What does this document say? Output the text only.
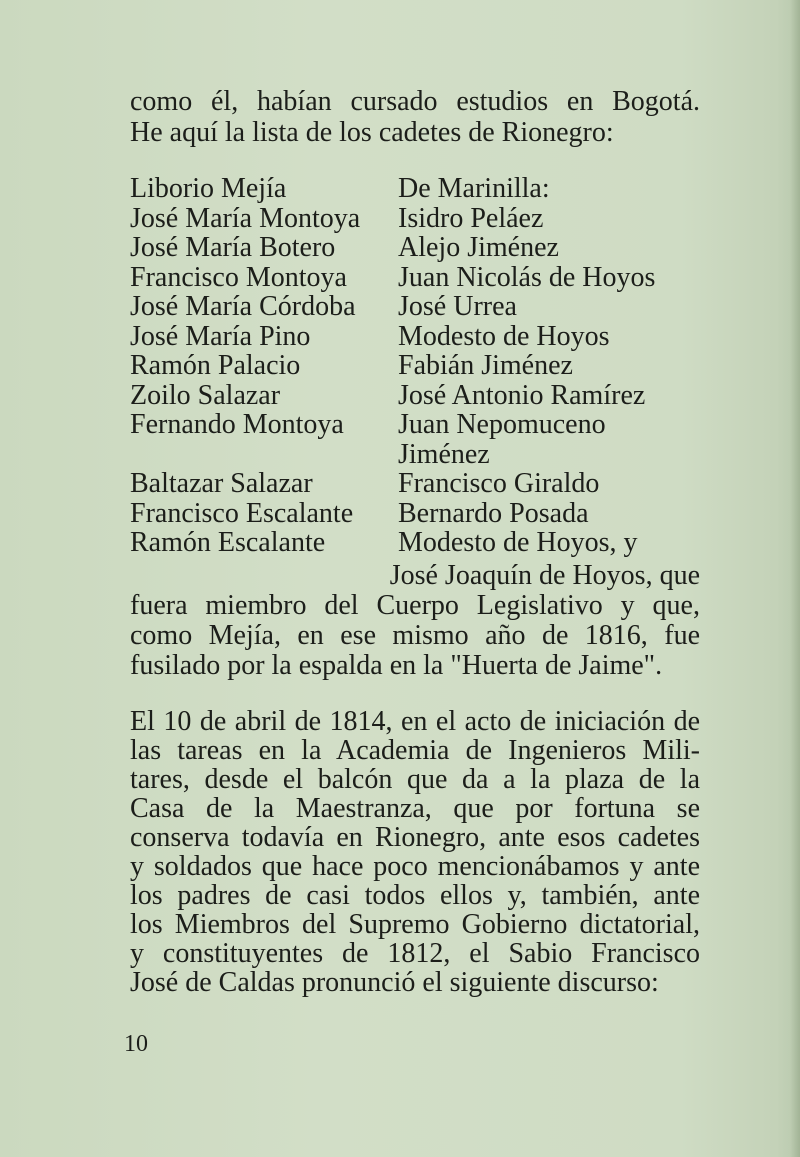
como él, habían cursado estudios en Bogotá.
He aquí la lista de los cadetes de Rionegro:
Liborio Mejía
José María Montoya
José María Botero
Francisco Montoya
José María Córdoba
José María Pino
Ramón Palacio
Zoilo Salazar
Fernando Montoya
Baltazar Salazar
Francisco Escalante
Ramón Escalante
De Marinilla:
Isidro Peláez
Alejo Jiménez
Juan Nicolás de Hoyos
José Urrea
Modesto de Hoyos
Fabián Jiménez
José Antonio Ramírez
Juan Nepomuceno
Jiménez
Francisco Giraldo
Bernardo Posada
Modesto de Hoyos, y
José Joaquín de Hoyos, que
fuera miembro del Cuerpo Legislativo y que,
como Mejía, en ese mismo año de 1816, fue
fusilado por la espalda en la "Huerta de Jaime".
El 10 de abril de 1814, en el acto de iniciación de
las tareas en la Academia de Ingenieros Mili-
tares, desde el balcón que da a la plaza de la
Casa de la Maestranza, que por fortuna se
conserva todavía en Rionegro, ante esos cadetes
y soldados que hace poco mencionábamos y ante
los padres de casi todos ellos y, también, ante
los Miembros del Supremo Gobierno dictatorial,
y constituyentes de 1812, el Sabio Francisco
José de Caldas pronunció el siguiente discurso:
10
